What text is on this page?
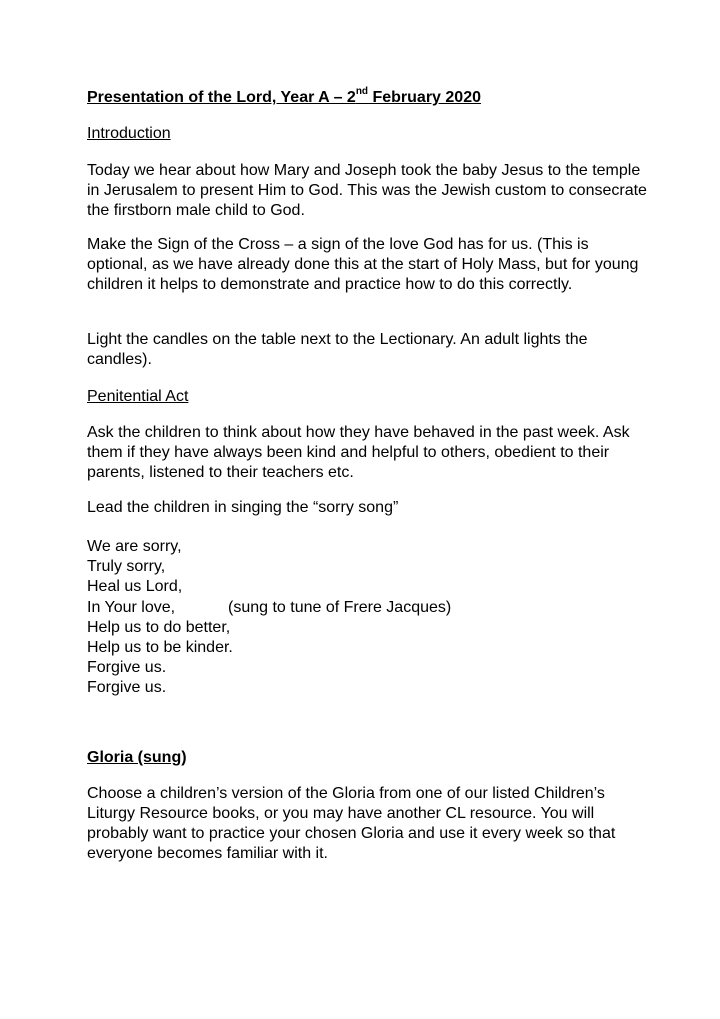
Presentation of the Lord, Year A – 2nd February 2020
Introduction
Today we hear about how Mary and Joseph took the baby Jesus to the temple in Jerusalem to present Him to God. This was the Jewish custom to consecrate the firstborn male child to God.
Make the Sign of the Cross – a sign of the love God has for us. (This is optional, as we have already done this at the start of Holy Mass, but for young children it helps to demonstrate and practice how to do this correctly.
Light the candles on the table next to the Lectionary. An adult lights the candles).
Penitential Act
Ask the children to think about how they have behaved in the past week. Ask them if they have always been kind and helpful to others, obedient to their parents, listened to their teachers etc.
Lead the children in singing the “sorry song”
We are sorry,
Truly sorry,
Heal us Lord,
In Your love,	(sung to tune of Frere Jacques)
Help us to do better,
Help us to be kinder.
Forgive us.
Forgive us.
Gloria (sung)
Choose a children’s version of the Gloria from one of our listed Children’s Liturgy Resource books, or you may have another CL resource. You will probably want to practice your chosen Gloria and use it every week so that everyone becomes familiar with it.
